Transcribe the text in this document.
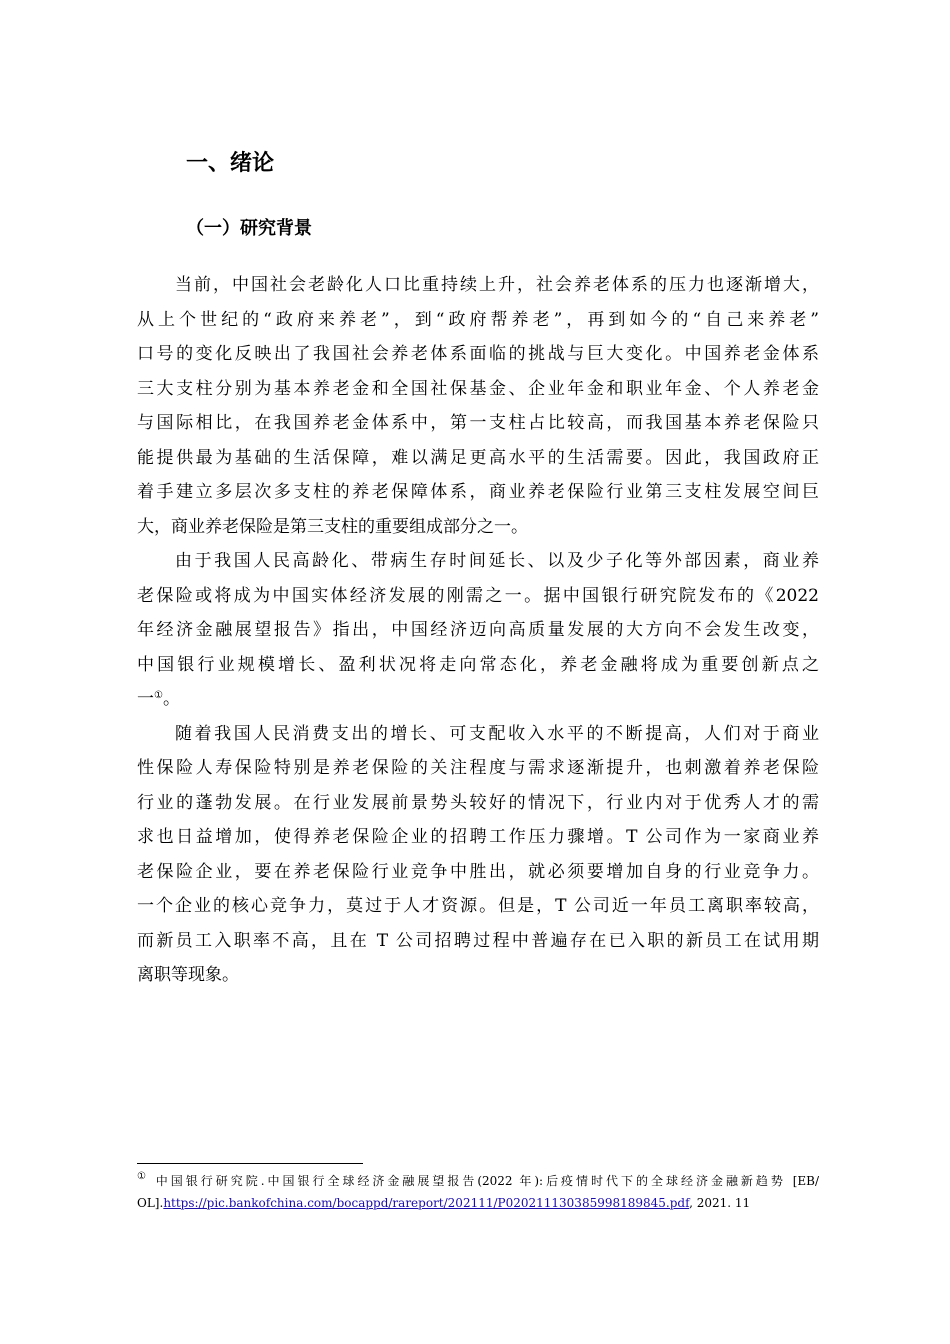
一、绪论
（一）研究背景
当前，中国社会老龄化人口比重持续上升，社会养老体系的压力也逐渐增大，
从上个世纪的“政府来养老”，到“政府帮养老”，再到如今的“自己来养老”
口号的变化反映出了我国社会养老体系面临的挑战与巨大变化。中国养老金体系
三大支柱分别为基本养老金和全国社保基金、企业年金和职业年金、个人养老金
与国际相比，在我国养老金体系中，第一支柱占比较高，而我国基本养老保险只
能提供最为基础的生活保障，难以满足更高水平的生活需要。因此，我国政府正
着手建立多层次多支柱的养老保障体系，商业养老保险行业第三支柱发展空间巨
大，商业养老保险是第三支柱的重要组成部分之一。
由于我国人民高龄化、带病生存时间延长、以及少子化等外部因素，商业养
老保险或将成为中国实体经济发展的刚需之一。据中国银行研究院发布的《2022
年经济金融展望报告》指出，中国经济迈向高质量发展的大方向不会发生改变，
中国银行业规模增长、盈利状况将走向常态化，养老金融将成为重要创新点之
一①。
随着我国人民消费支出的增长、可支配收入水平的不断提高，人们对于商业
性保险人寿保险特别是养老保险的关注程度与需求逐渐提升，也刺激着养老保险
行业的蓬勃发展。在行业发展前景势头较好的情况下，行业内对于优秀人才的需
求也日益增加，使得养老保险企业的招聘工作压力骤增。T 公司作为一家商业养
老保险企业，要在养老保险行业竞争中胜出，就必须要增加自身的行业竞争力。
一个企业的核心竞争力，莫过于人才资源。但是，T 公司近一年员工离职率较高，
而新员工入职率不高，且在 T 公司招聘过程中普遍存在已入职的新员工在试用期
离职等现象。
① 中国银行研究院.中国银行全球经济金融展望报告(2022 年):后疫情时代下的全球经济金融新趋势 [EB/
OL].https://pic.bankofchina.com/bocappd/rareport/202111/P020211130385998189845.pdf, 2021. 11
